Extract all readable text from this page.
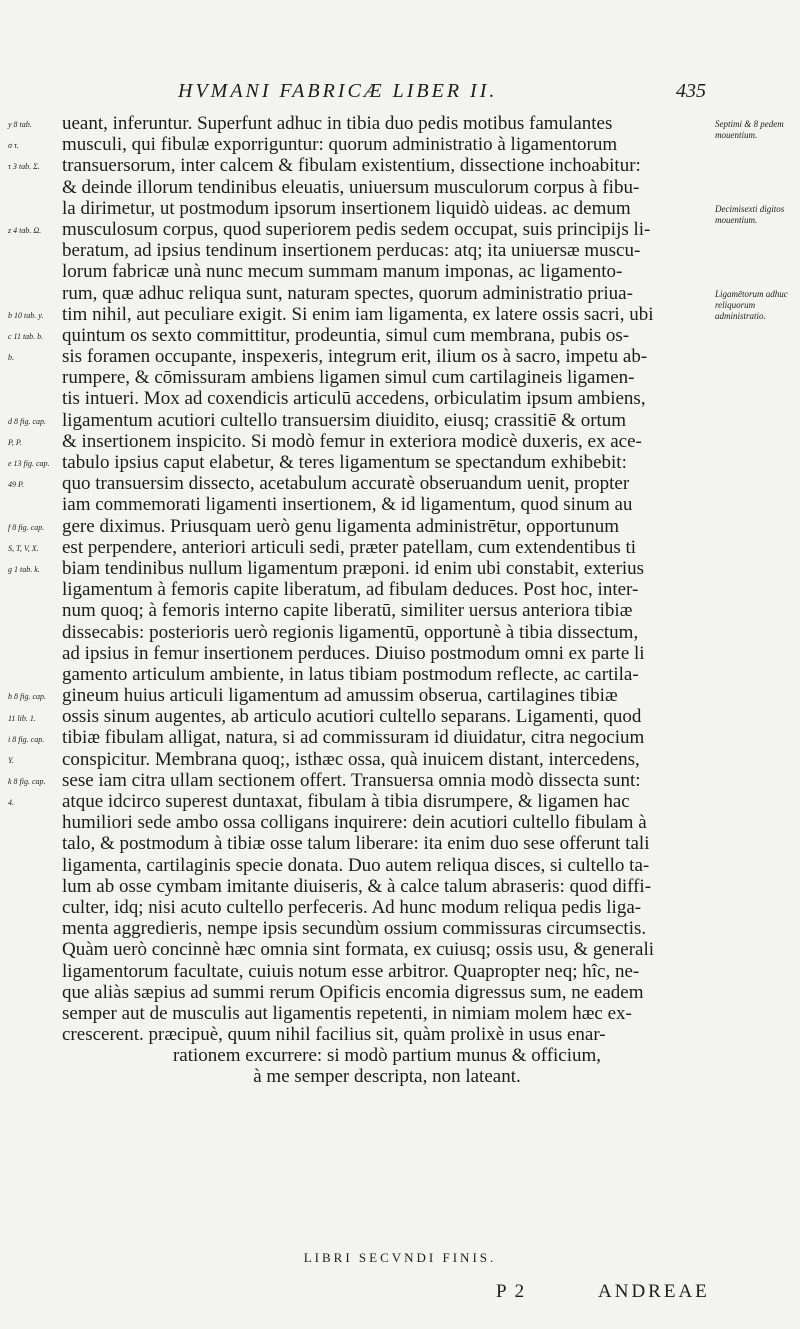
HVMANI FABRICÆ LIBER II.	435
y 8 tab.
σ τ.
τ 3 tab. Σ.
z 4 tab. Ω.
b 10 tab. y.
c 11 tab. b.
b.
d 8 fig. cap.
P, P.
e 13 fig. cap.
49 P.
f 8 fig. cap.
S, T, V, X.
g 1 tab. k.
h 8 fig. cap.
11 lib. 1.
i 8 fig. cap.
Y.
k 8 fig. cap.
4.
ueant, inferuntur. Superfunt adhuc in tibia duo pedis motibus famulantes
musculi, qui fibulæ exporriguntur: quorum administratio à ligamentorum
transuersorum, inter calcem & fibulam existentium, dissectione inchoabitur:
& deinde illorum tendinibus eleuatis, uniuersum musculorum corpus à fibu-
la dirimetur, ut postmodum ipsorum insertionem liquidò uideas. ac demum
musculosum corpus, quod superiorem pedis sedem occupat, suis principijs li-
beratum, ad ipsius tendinum insertionem perducas: atq; ita uniuersæ muscu-
lorum fabricæ unà nunc mecum summam manum imponas, ac ligamento-
rum, quæ adhuc reliqua sunt, naturam spectes, quorum administratio priua-
tim nihil, aut peculiare exigit. Si enim iam ligamenta, ex latere ossis sacri, ubi
quintum os sexto committitur, prodeuntia, simul cum membrana, pubis os-
sis foramen occupante, inspexeris, integrum erit, ilium os à sacro, impetu ab-
rumpere, & cōmissuram ambiens ligamen simul cum cartilagineis ligamen-
tis intueri. Mox ad coxendicis articulū accedens, orbiculatim ipsum ambiens,
ligamentum acutiori cultello transuersim diuidito, eiusq; crassitiē & ortum
& insertionem inspicito. Si modò femur in exteriora modicè duxeris, ex ace-
tabulo ipsius caput elabetur, & teres ligamentum se spectandum exhibebit:
quo transuersim dissecto, acetabulum accuratè obseruandum uenit, propter
iam commemorati ligamenti insertionem, & id ligamentum, quod sinum au
gere diximus. Priusquam uerò genu ligamenta administrētur, opportunum
est perpendere, anteriori articuli sedi, præter patellam, cum extendentibus ti
biam tendinibus nullum ligamentum præponi. id enim ubi constabit, exterius
ligamentum à femoris capite liberatum, ad fibulam deduces. Post hoc, inter-
num quoq; à femoris interno capite liberatū, similiter uersus anteriora tibiæ
dissecabis: posterioris uerò regionis ligamentū, opportunè à tibia dissectum,
ad ipsius in femur insertionem perduces. Diuiso postmodum omni ex parte li
gamento articulum ambiente, in latus tibiam postmodum reflecte, ac cartila-
gineum huius articuli ligamentum ad amussim obserua, cartilagines tibiæ
ossis sinum augentes, ab articulo acutiori cultello separans. Ligamenti, quod
tibiæ fibulam alligat, natura, si ad commissuram id diuidatur, citra negocium
conspicitur. Membrana quoq;, isthæc ossa, quà inuicem distant, intercedens,
sese iam citra ullam sectionem offert. Transuersa omnia modò dissecta sunt:
atque idcirco superest duntaxat, fibulam à tibia disrumpere, & ligamen hac
humiliori sede ambo ossa colligans inquirere: dein acutiori cultello fibulam à
talo, & postmodum à tibiæ osse talum liberare: ita enim duo sese offerunt tali
ligamenta, cartilaginis specie donata. Duo autem reliqua disces, si cultello ta-
lum ab osse cymbam imitante diuiseris, & à calce talum abraseris: quod diffi-
culter, idq; nisi acuto cultello perfeceris. Ad hunc modum reliqua pedis liga-
menta aggredieris, nempe ipsis secundùm ossium commissuras circumsectis.
Quàm uerò concinnè hæc omnia sint formata, ex cuiusq; ossis usu, & generali
ligamentorum facultate, cuiuis notum esse arbitror. Quapropter neq; hîc, ne-
que aliàs sæpius ad summi rerum Opificis encomia digressus sum, ne eadem
semper aut de musculis aut ligamentis repetenti, in nimiam molem hæc ex-
crescerent. præcipuè, quum nihil facilius sit, quàm prolixè in usus enar-
rationem excurrere: si modò partium munus & officium,
à me semper descripta, non lateant.
Septimi & 8 pedem mouentium.
Decimisexti digitos mouentium.
Ligamētorum adhuc reliquorum administratio.
LIBRI SECVNDI FINIS.
P 2	ANDREAE
